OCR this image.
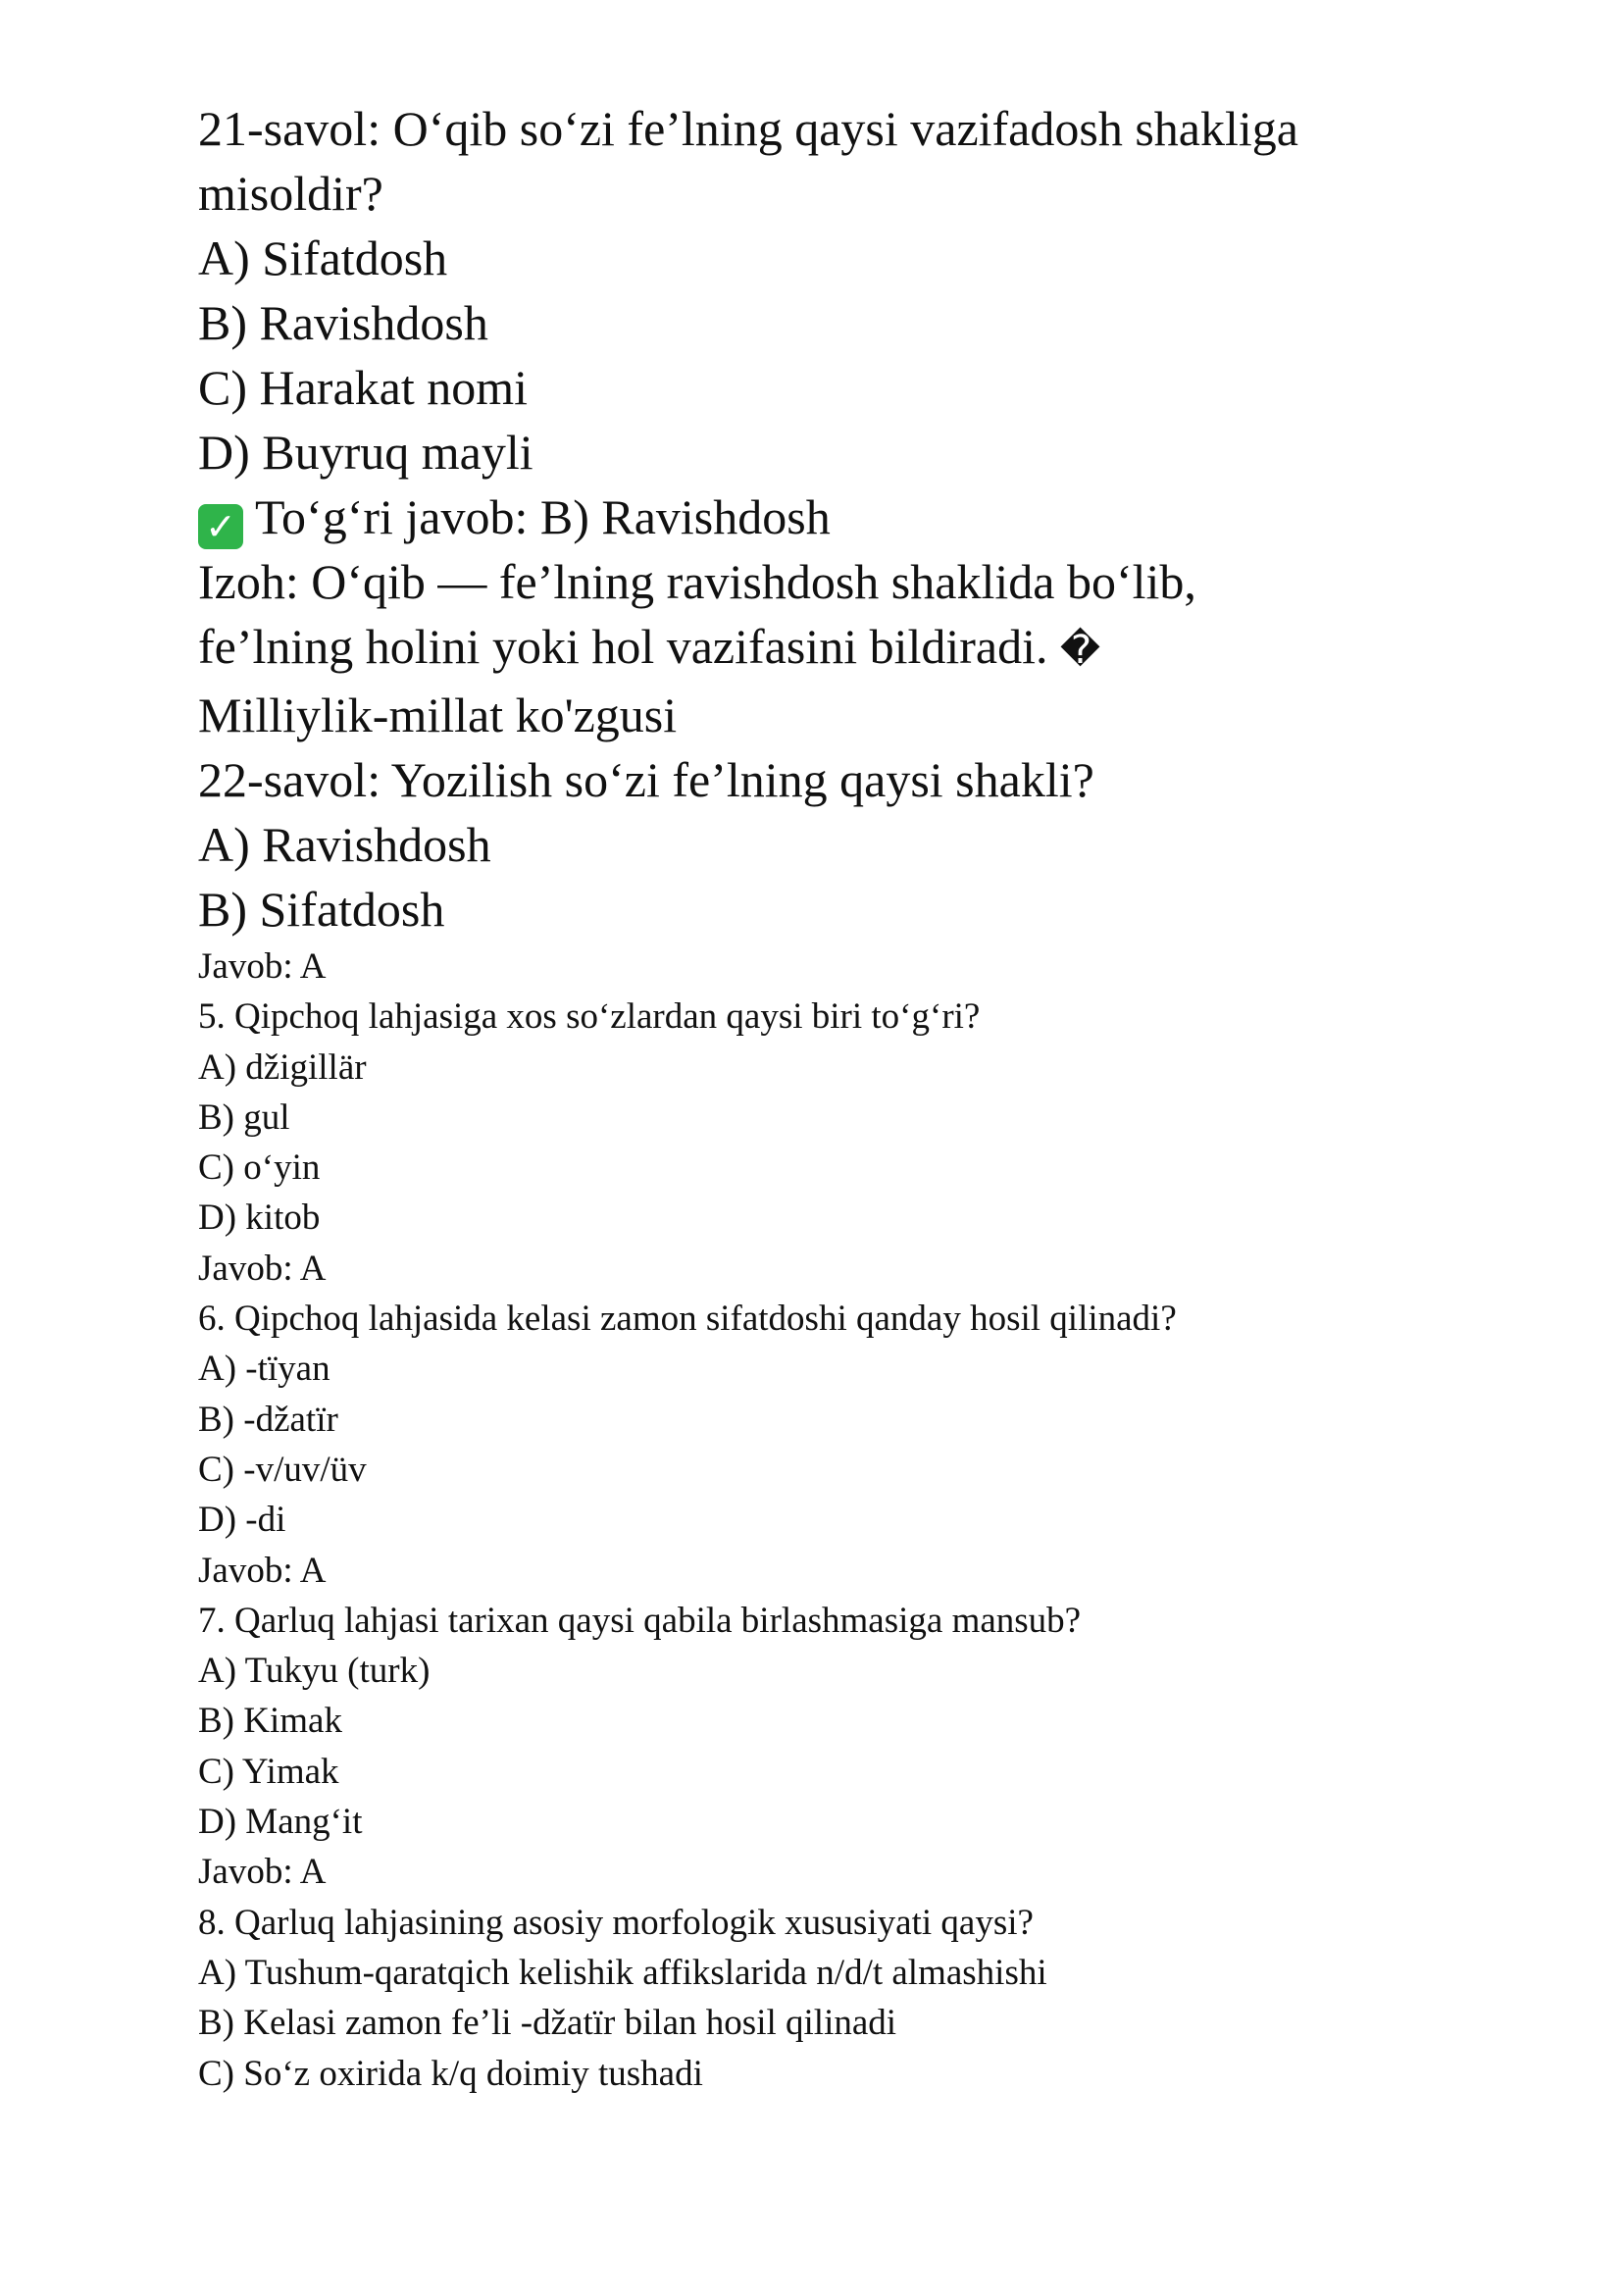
21-savol: O‘qib so‘zi fe’lning qaysi vazifadosh shakliga

misoldir?

A) Sifatdosh

B) Ravishdosh

C) Harakat nomi

D) Buyruq mayli

✓ To‘g‘ri javob: B) Ravishdosh

Izoh: O‘qib — fe’lning ravishdosh shaklida bo‘lib,

fe’lning holini yoki hol vazifasini bildiradi. �

Milliylik-millat ko'zgusi

22-savol: Yozilish so‘zi fe’lning qaysi shakli?

A) Ravishdosh

B) Sifatdosh

Javob: A

5. Qipchoq lahjasiga xos so‘zlardan qaysi biri to‘g‘ri?

A) džigillär

B) gul

C) o‘yin

D) kitob

Javob: A

6. Qipchoq lahjasida kelasi zamon sifatdoshi qanday hosil qilinadi?

A) -tïyan

B) -džatïr

C) -v/uv/üv

D) -di

Javob: A

7. Qarluq lahjasi tarixan qaysi qabila birlashmasiga mansub?

A) Tukyu (turk)

B) Kimak

C) Yimak

D) Mang‘it

Javob: A

8. Qarluq lahjasining asosiy morfologik xususiyati qaysi?

A) Tushum-qaratqich kelishik affikslarida n/d/t almashishi

B) Kelasi zamon fe’li -džatïr bilan hosil qilinadi

C) So‘z oxirida k/q doimiy tushadi
